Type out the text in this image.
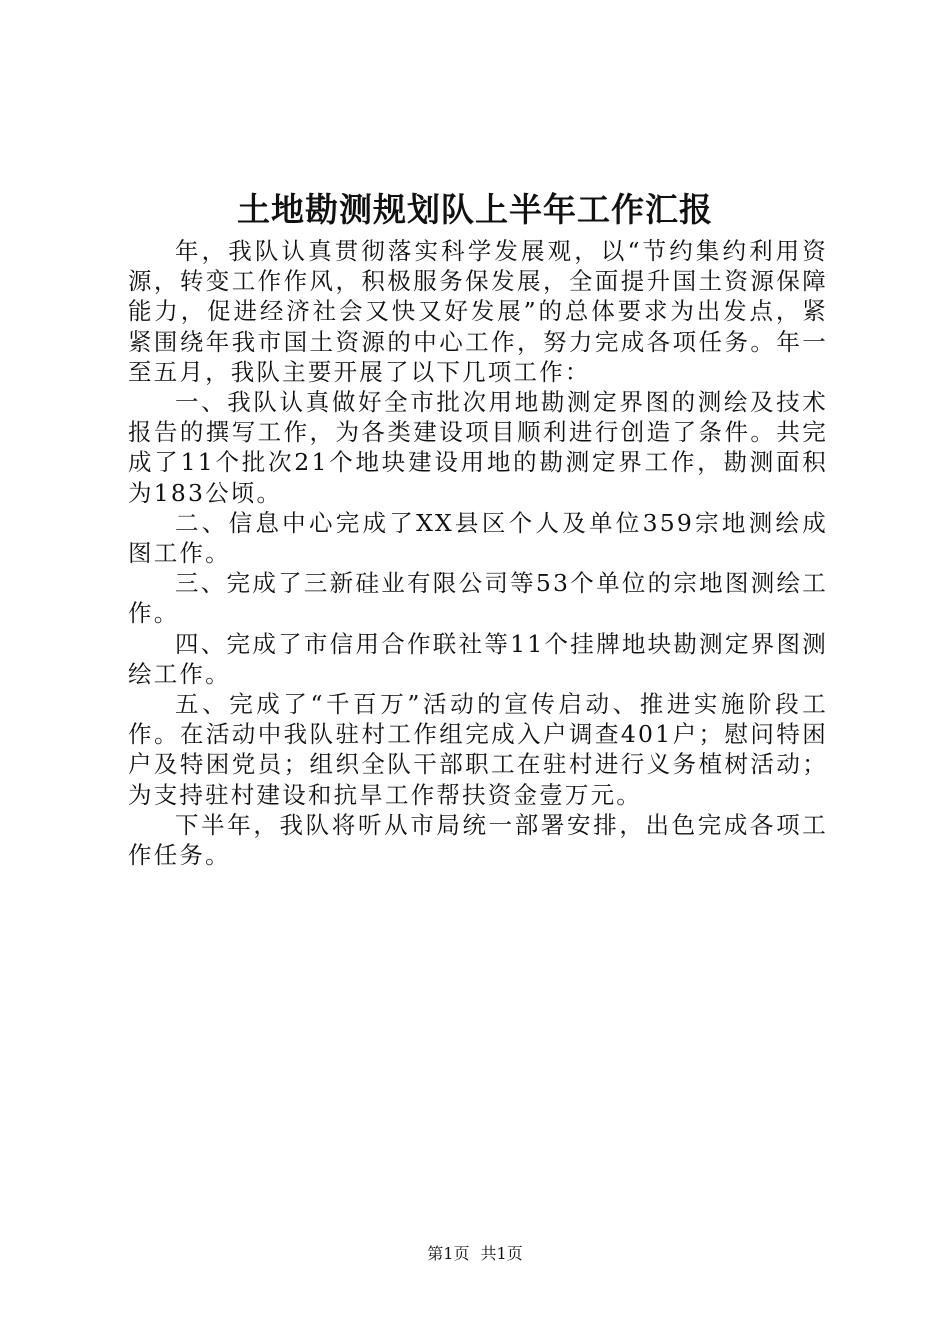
土地勘测规划队上半年工作汇报

年，我队认真贯彻落实科学发展观，以“节约集约利用资源，转变工作作风，积极服务保发展，全面提升国土资源保障能力，促进经济社会又快又好发展”的总体要求为出发点，紧紧围绕年我市国土资源的中心工作，努力完成各项任务。年一至五月，我队主要开展了以下几项工作：

一、我队认真做好全市批次用地勘测定界图的测绘及技术报告的撰写工作，为各类建设项目顺利进行创造了条件。共完成了11个批次21个地块建设用地的勘测定界工作，勘测面积为183公顷。

二、信息中心完成了XX县区个人及单位359宗地测绘成图工作。

三、完成了三新硅业有限公司等53个单位的宗地图测绘工作。

四、完成了市信用合作联社等11个挂牌地块勘测定界图测绘工作。

五、完成了“千百万”活动的宣传启动、推进实施阶段工作。在活动中我队驻村工作组完成入户调查401户；慰问特困户及特困党员；组织全队干部职工在驻村进行义务植树活动；为支持驻村建设和抗旱工作帮扶资金壹万元。

下半年，我队将听从市局统一部署安排，出色完成各项工作任务。

第1页 共1页
